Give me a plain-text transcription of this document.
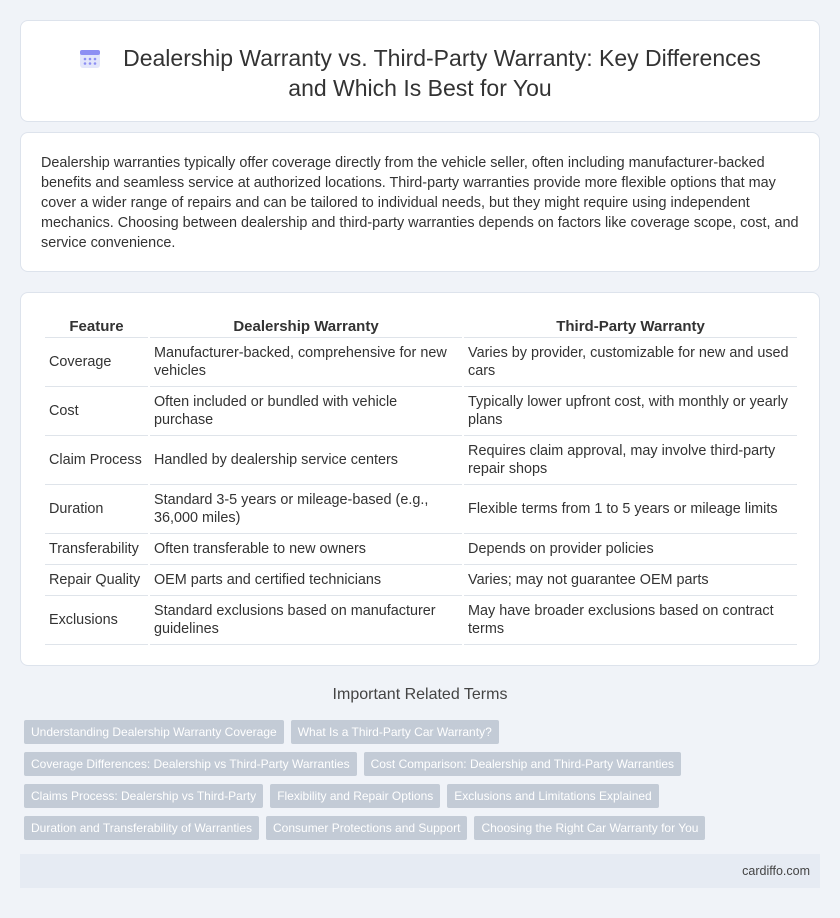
Dealership Warranty vs. Third-Party Warranty: Key Differences and Which Is Best for You

Dealership warranties typically offer coverage directly from the vehicle seller, often including manufacturer-backed benefits and seamless service at authorized locations. Third-party warranties provide more flexible options that may cover a wider range of repairs and can be tailored to individual needs, but they might require using independent mechanics. Choosing between dealership and third-party warranties depends on factors like coverage scope, cost, and service convenience.

Feature	Dealership Warranty	Third-Party Warranty
Coverage	Manufacturer-backed, comprehensive for new vehicles	Varies by provider, customizable for new and used cars
Cost	Often included or bundled with vehicle purchase	Typically lower upfront cost, with monthly or yearly plans
Claim Process	Handled by dealership service centers	Requires claim approval, may involve third-party repair shops
Duration	Standard 3-5 years or mileage-based (e.g., 36,000 miles)	Flexible terms from 1 to 5 years or mileage limits
Transferability	Often transferable to new owners	Depends on provider policies
Repair Quality	OEM parts and certified technicians	Varies; may not guarantee OEM parts
Exclusions	Standard exclusions based on manufacturer guidelines	May have broader exclusions based on contract terms
Important Related Terms
Understanding Dealership Warranty Coverage	What Is a Third-Party Car Warranty?
Coverage Differences: Dealership vs Third-Party Warranties	Cost Comparison: Dealership and Third-Party Warranties
Claims Process: Dealership vs Third-Party	Flexibility and Repair Options	Exclusions and Limitations Explained
Duration and Transferability of Warranties	Consumer Protections and Support	Choosing the Right Car Warranty for You
cardiffo.com
